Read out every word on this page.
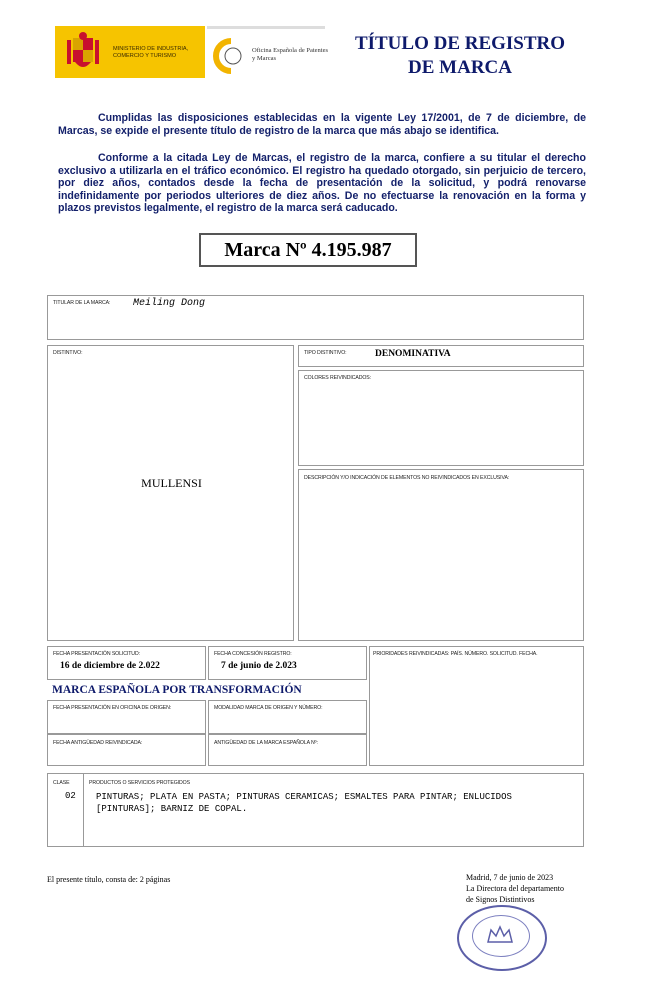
MINISTERIO DE INDUSTRIA, COMERCIO Y TURISMO
Oficina Española de Patentes y Marcas
TÍTULO DE REGISTRO
DE MARCA
Cumplidas las disposiciones establecidas en la vigente Ley 17/2001, de 7 de diciembre, de Marcas, se expide el presente título de registro de la marca que más abajo se identifica.
Conforme a la citada Ley de Marcas, el registro de la marca, confiere a su titular el derecho exclusivo a utilizarla en el tráfico económico. El registro ha quedado otorgado, sin perjuicio de tercero, por diez años, contados desde la fecha de presentación de la solicitud, y podrá renovarse indefinidamente por periodos ulteriores de diez años. De no efectuarse la renovación en la forma y plazos previstos legalmente, el registro de la marca será caducado.
Marca Nº 4.195.987
TITULAR DE LA MARCA: Meiling Dong
DISTINTIVO:
MULLENSI
TIPO DISTINTIVO:	DENOMINATIVA
COLORES REIVINDICADOS:
DESCRIPCIÓN Y/O INDICACIÓN DE ELEMENTOS NO REIVINDICADOS EN EXCLUSIVA:
FECHA PRESENTACIÓN SOLICITUD:
16 de diciembre de 2.022
FECHA CONCESIÓN REGISTRO:
7 de junio de 2.023
PRIORIDADES REIVINDICADAS: PAÍS. NÚMERO. SOLICITUD. FECHA.
MARCA ESPAÑOLA POR TRANSFORMACIÓN
FECHA PRESENTACIÓN EN OFICINA DE ORIGEN:	MODALIDAD MARCA DE ORIGEN Y NÚMERO:
FECHA ANTIGÜEDAD REIVINDICADA:	ANTIGÜEDAD DE LA MARCA ESPAÑOLA Nº:
CLASE	PRODUCTOS O SERVICIOS PROTEGIDOS
02 PINTURAS; PLATA EN PASTA; PINTURAS CERAMICAS; ESMALTES PARA PINTAR; ENLUCIDOS [PINTURAS]; BARNIZ DE COPAL.
El presente título, consta de: 2 páginas	Madrid, 7 de junio de 2023
La Directora del departamento
de Signos Distintivos
